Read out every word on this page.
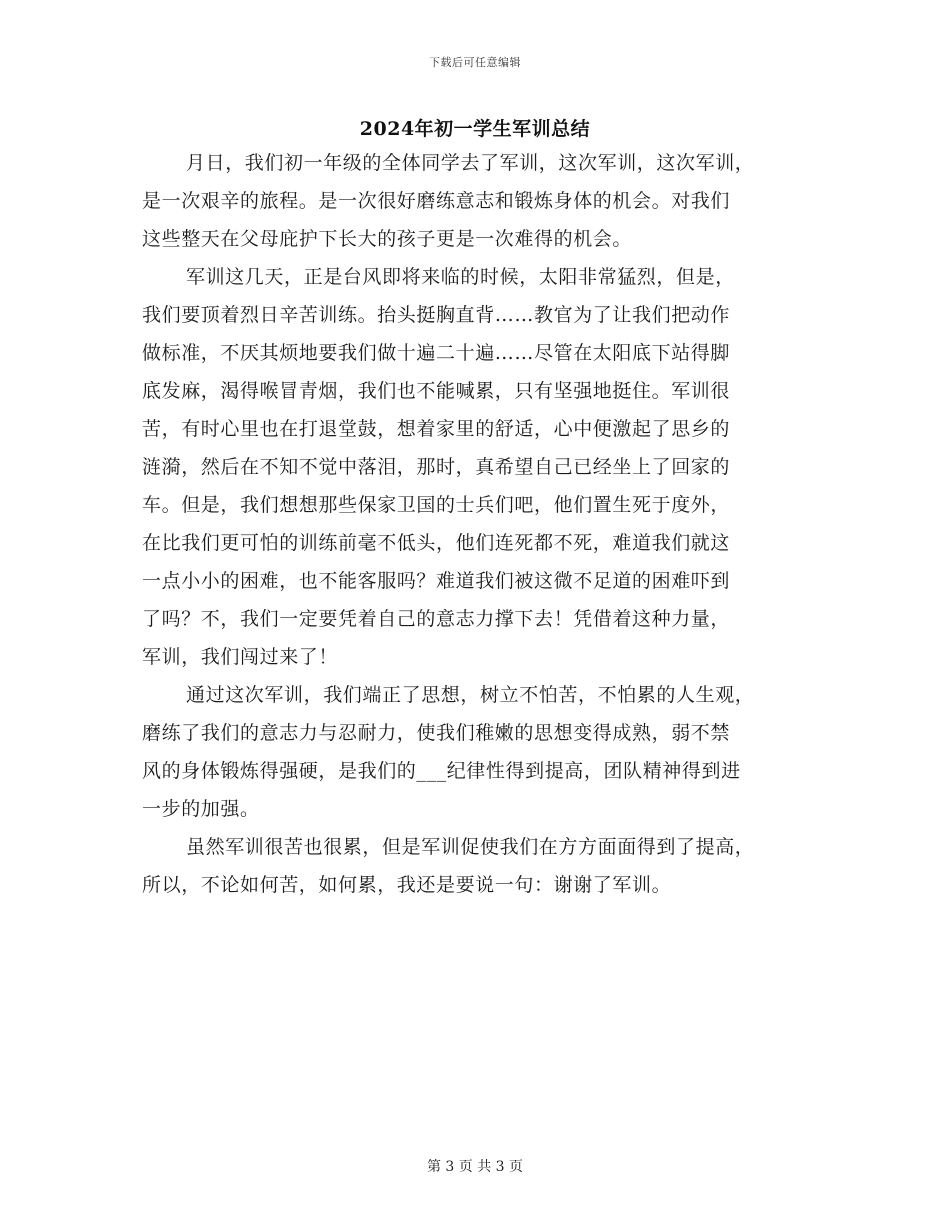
下载后可任意编辑
2024年初一学生军训总结

月日，我们初一年级的全体同学去了军训，这次军训，这次军训，

是一次艰辛的旅程。是一次很好磨练意志和锻炼身体的机会。对我们

这些整天在父母庇护下长大的孩子更是一次难得的机会。

军训这几天，正是台风即将来临的时候，太阳非常猛烈，但是，

我们要顶着烈日辛苦训练。抬头挺胸直背……教官为了让我们把动作

做标准，不厌其烦地要我们做十遍二十遍……尽管在太阳底下站得脚

底发麻，渴得喉冒青烟，我们也不能喊累，只有坚强地挺住。军训很

苦，有时心里也在打退堂鼓，想着家里的舒适，心中便激起了思乡的

涟漪，然后在不知不觉中落泪，那时，真希望自己已经坐上了回家的

车。但是，我们想想那些保家卫国的士兵们吧，他们置生死于度外，

在比我们更可怕的训练前毫不低头，他们连死都不死，难道我们就这

一点小小的困难，也不能客服吗？难道我们被这微不足道的困难吓到

了吗？不，我们一定要凭着自己的意志力撑下去！凭借着这种力量，

军训，我们闯过来了！

通过这次军训，我们端正了思想，树立不怕苦，不怕累的人生观，

磨练了我们的意志力与忍耐力，使我们稚嫩的思想变得成熟，弱不禁

风的身体锻炼得强硬，是我们的___纪律性得到提高，团队精神得到进

一步的加强。

虽然军训很苦也很累，但是军训促使我们在方方面面得到了提高，

所以，不论如何苦，如何累，我还是要说一句：谢谢了军训。

第 3 页 共 3 页
